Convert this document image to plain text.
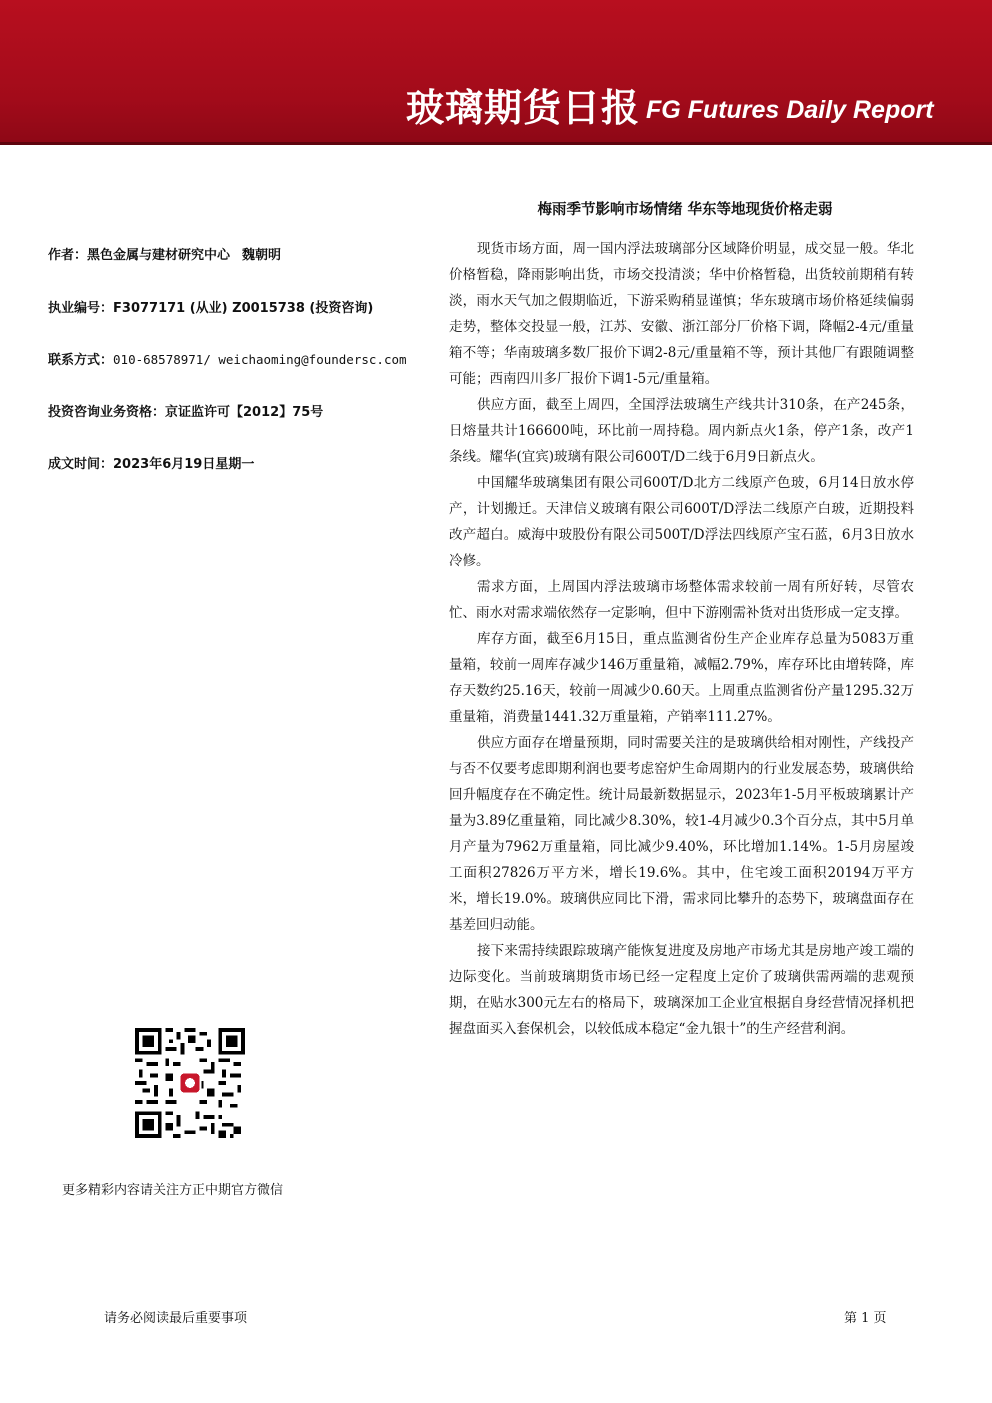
玻璃期货日报 FG Futures Daily Report
梅雨季节影响市场情绪 华东等地现货价格走弱
作者：黑色金属与建材研究中心 魏朝明
执业编号：F3077171 (从业) Z0015738 (投资咨询)
联系方式：010-68578971/ weichaoming@foundersc.com
投资咨询业务资格：京证监许可【2012】75号
成文时间：2023年6月19日星期一

现货市场方面，周一国内浮法玻璃部分区域降价明显，成交显一般。华北价格暂稳，降雨影响出货，市场交投清淡；华中价格暂稳，出货较前期稍有转淡，雨水天气加之假期临近，下游采购稍显谨慎；华东玻璃市场价格延续偏弱走势，整体交投显一般，江苏、安徽、浙江部分厂价格下调，降幅2-4元/重量箱不等；华南玻璃多数厂报价下调2-8元/重量箱不等，预计其他厂有跟随调整可能；西南四川多厂报价下调1-5元/重量箱。

供应方面，截至上周四，全国浮法玻璃生产线共计310条，在产245条，日熔量共计166600吨，环比前一周持稳。周内新点火1条，停产1条，改产1条线。耀华(宜宾)玻璃有限公司600T/D二线于6月9日新点火。

中国耀华玻璃集团有限公司600T/D北方二线原产色玻，6月14日放水停产，计划搬迁。天津信义玻璃有限公司600T/D浮法二线原产白玻，近期投料改产超白。威海中玻股份有限公司500T/D浮法四线原产宝石蓝，6月3日放水冷修。

需求方面，上周国内浮法玻璃市场整体需求较前一周有所好转，尽管农忙、雨水对需求端依然存一定影响，但中下游刚需补货对出货形成一定支撑。

库存方面，截至6月15日，重点监测省份生产企业库存总量为5083万重量箱，较前一周库存减少146万重量箱，减幅2.79%，库存环比由增转降，库存天数约25.16天，较前一周减少0.60天。上周重点监测省份产量1295.32万重量箱，消费量1441.32万重量箱，产销率111.27%。

供应方面存在增量预期，同时需要关注的是玻璃供给相对刚性，产线投产与否不仅要考虑即期利润也要考虑窑炉生命周期内的行业发展态势，玻璃供给回升幅度存在不确定性。统计局最新数据显示，2023年1-5月平板玻璃累计产量为3.89亿重量箱，同比减少8.30%，较1-4月减少0.3个百分点，其中5月单月产量为7962万重量箱，同比减少9.40%，环比增加1.14%。1-5月房屋竣工面积27826万平方米，增长19.6%。其中，住宅竣工面积20194万平方米，增长19.0%。玻璃供应同比下滑，需求同比攀升的态势下，玻璃盘面存在基差回归动能。

接下来需持续跟踪玻璃产能恢复进度及房地产市场尤其是房地产竣工端的边际变化。当前玻璃期货市场已经一定程度上定价了玻璃供需两端的悲观预期，在贴水300元左右的格局下，玻璃深加工企业宜根据自身经营情况择机把握盘面买入套保机会，以较低成本稳定“金九银十”的生产经营利润。

更多精彩内容请关注方正中期官方微信
请务必阅读最后重要事项	第 1 页
